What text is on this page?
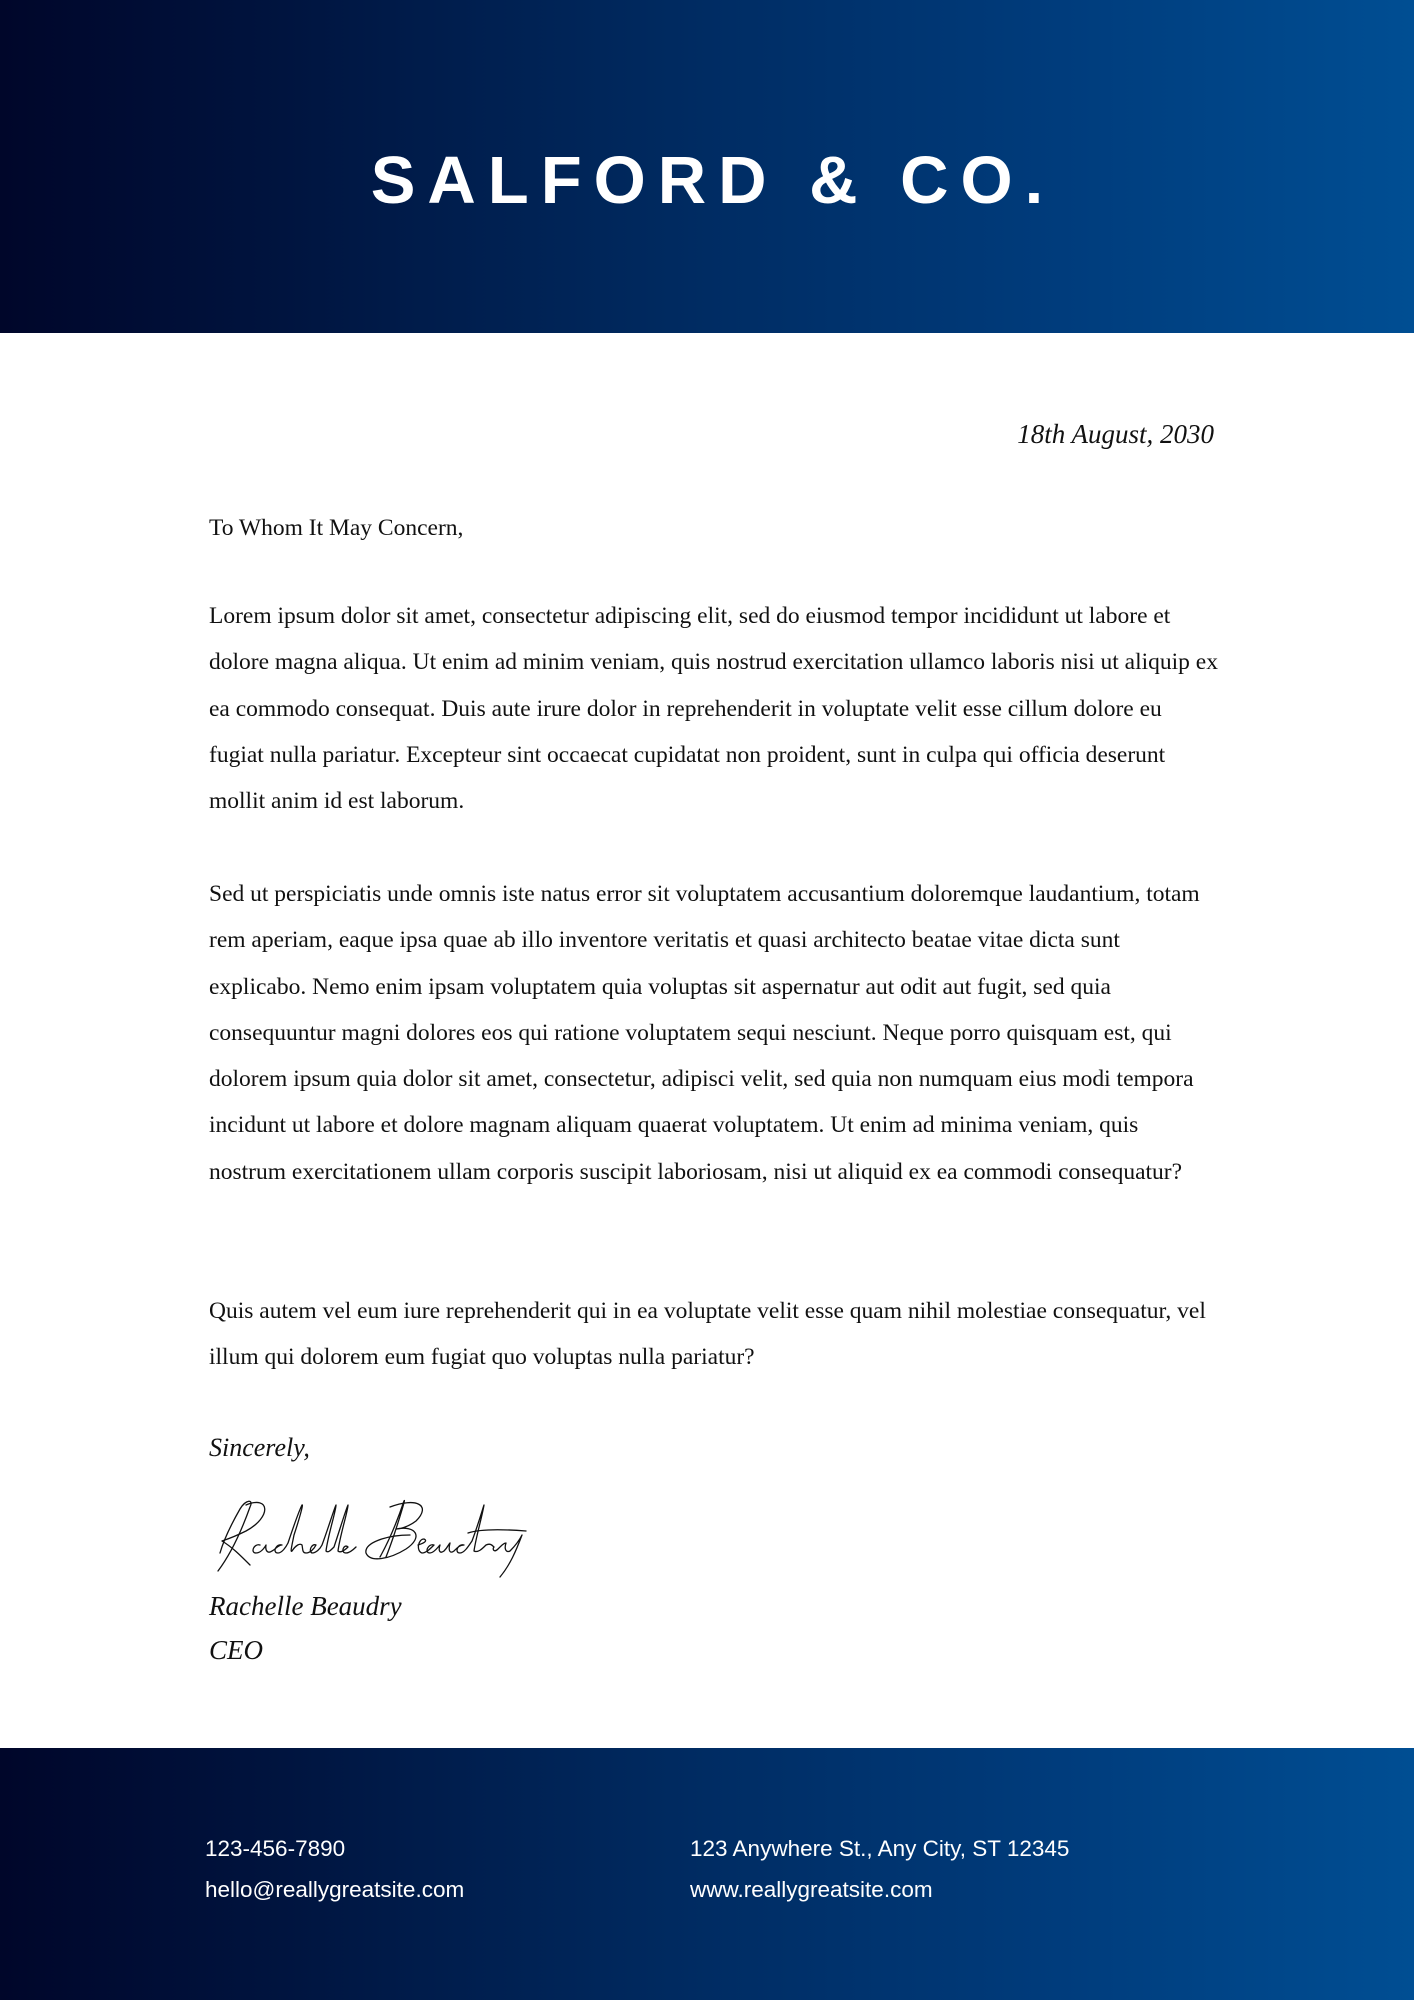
SALFORD & CO.
18th August, 2030
To Whom It May Concern,

Lorem ipsum dolor sit amet, consectetur adipiscing elit, sed do eiusmod tempor incididunt ut labore et dolore magna aliqua. Ut enim ad minim veniam, quis nostrud exercitation ullamco laboris nisi ut aliquip ex ea commodo consequat. Duis aute irure dolor in reprehenderit in voluptate velit esse cillum dolore eu fugiat nulla pariatur. Excepteur sint occaecat cupidatat non proident, sunt in culpa qui officia deserunt mollit anim id est laborum.

Sed ut perspiciatis unde omnis iste natus error sit voluptatem accusantium doloremque laudantium, totam rem aperiam, eaque ipsa quae ab illo inventore veritatis et quasi architecto beatae vitae dicta sunt explicabo. Nemo enim ipsam voluptatem quia voluptas sit aspernatur aut odit aut fugit, sed quia consequuntur magni dolores eos qui ratione voluptatem sequi nesciunt. Neque porro quisquam est, qui dolorem ipsum quia dolor sit amet, consectetur, adipisci velit, sed quia non numquam eius modi tempora incidunt ut labore et dolore magnam aliquam quaerat voluptatem. Ut enim ad minima veniam, quis nostrum exercitationem ullam corporis suscipit laboriosam, nisi ut aliquid ex ea commodi consequatur?

Quis autem vel eum iure reprehenderit qui in ea voluptate velit esse quam nihil molestiae consequatur, vel illum qui dolorem eum fugiat quo voluptas nulla pariatur?

Sincerely,
Rachelle Beaudry
CEO
123-456-7890
hello@reallygreatsite.com
123 Anywhere St., Any City, ST 12345
www.reallygreatsite.com
